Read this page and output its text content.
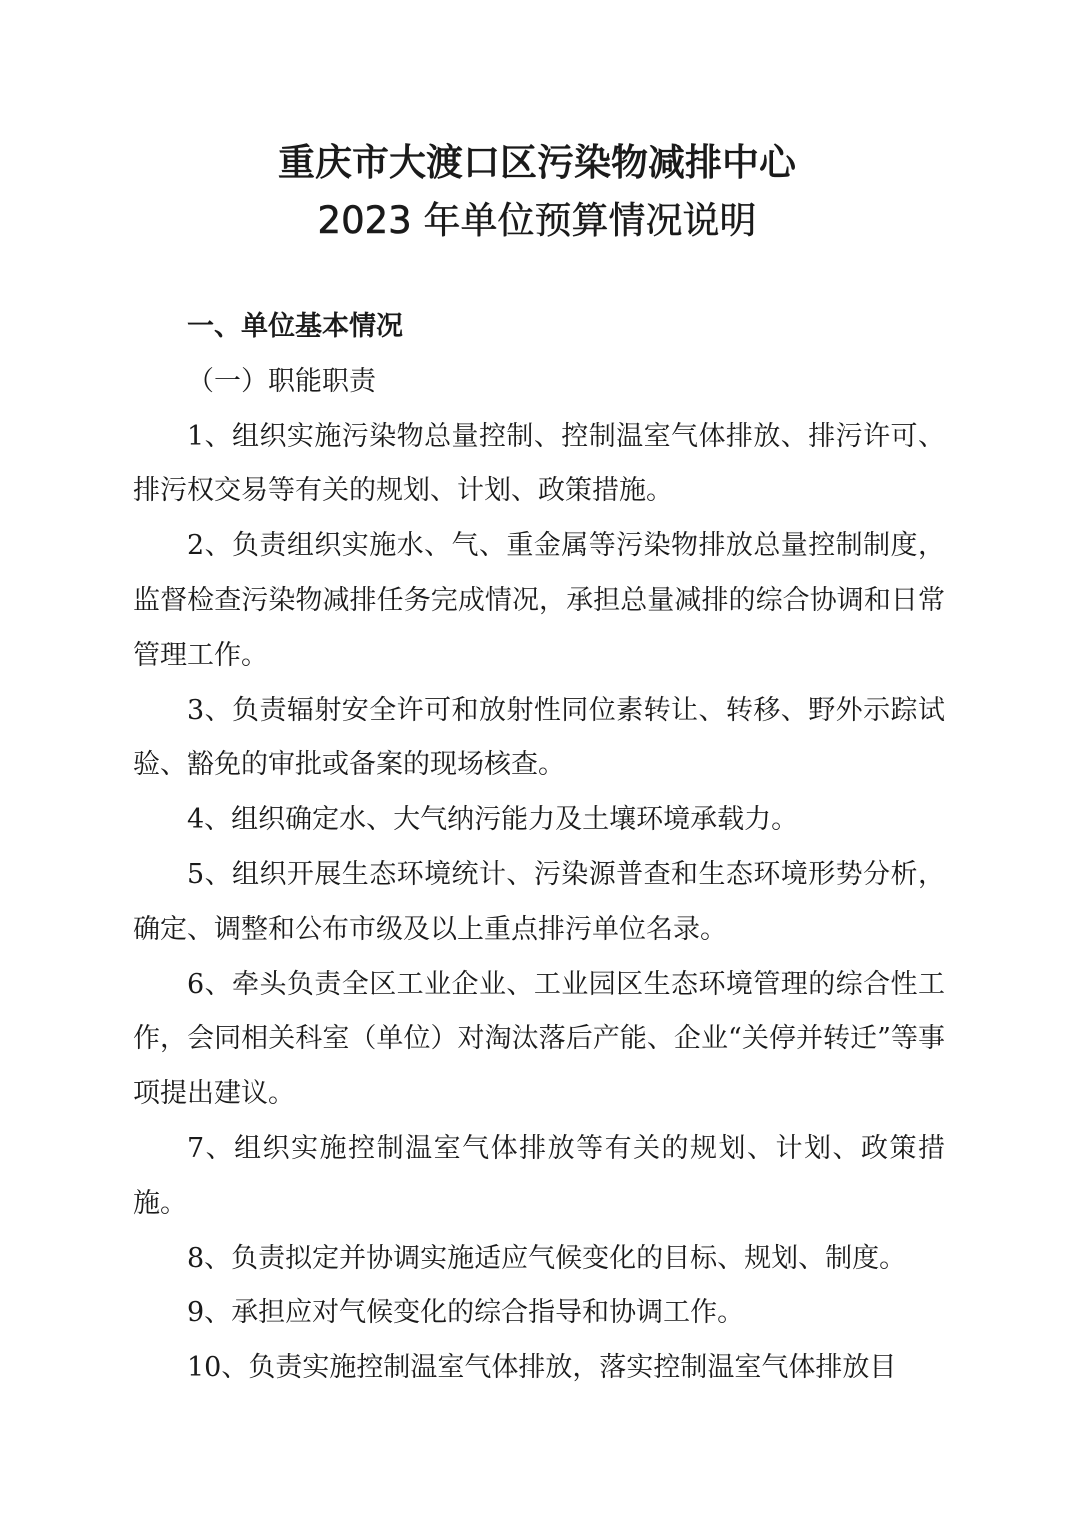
重庆市大渡口区污染物减排中心
2023 年单位预算情况说明

一、单位基本情况

（一）职能职责

1、组织实施污染物总量控制、控制温室气体排放、排污许可、排污权交易等有关的规划、计划、政策措施。

2、负责组织实施水、气、重金属等污染物排放总量控制制度，监督检查污染物减排任务完成情况，承担总量减排的综合协调和日常管理工作。

3、负责辐射安全许可和放射性同位素转让、转移、野外示踪试验、豁免的审批或备案的现场核查。

4、组织确定水、大气纳污能力及土壤环境承载力。

5、组织开展生态环境统计、污染源普查和生态环境形势分析，确定、调整和公布市级及以上重点排污单位名录。

6、牵头负责全区工业企业、工业园区生态环境管理的综合性工作，会同相关科室（单位）对淘汰落后产能、企业“关停并转迁”等事项提出建议。

7、组织实施控制温室气体排放等有关的规划、计划、政策措施。

8、负责拟定并协调实施适应气候变化的目标、规划、制度。

9、承担应对气候变化的综合指导和协调工作。

10、负责实施控制温室气体排放，落实控制温室气体排放目
